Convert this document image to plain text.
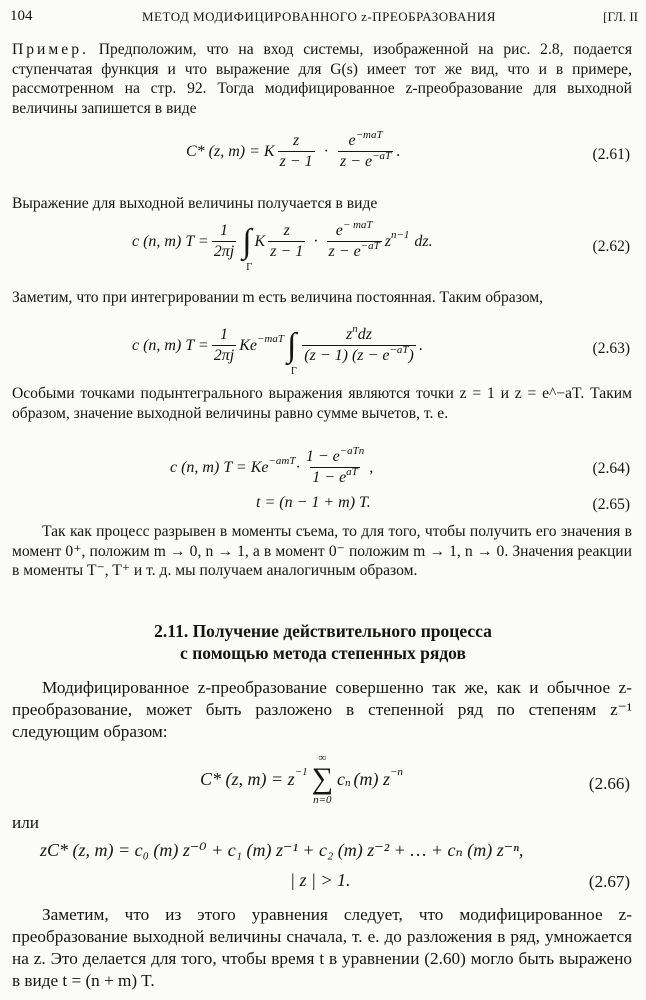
104	МЕТОД МОДИФИЦИРОВАННОГО z-ПРЕОБРАЗОВАНИЯ	[ГЛ. II
Пример. Предположим, что на вход системы, изображенной на рис. 2.8, подается ступенчатая функция и что выражение для G(s) имеет тот же вид, что и в примере, рассмотренном на стр. 92. Тогда модифицированное z-преобразование для выходной величины запишется в виде
C* (z, m) = K $\frac{z}{z - 1} \cdot \frac{e^{-maT}}{z - e^{-aT}}$ .	(2.61)
Выражение для выходной величины получается в виде
c (n, m) $T = \frac{1}{2\pi j}$ ∫
Γ
K $\frac{z}{z - 1} \cdot \frac{e^{- maT}}{z - e^{-aT}}$ z n−1 dz.	(2.62)
Заметим, что при интегрировании m есть величина постоянная. Таким образом,
c (n, m) $T = \frac{1}{2\pi j}$ Ke −maT ∫
Γ
$\frac{z^ndz}{(z - 1) (z - e^{-aT})}$ .	(2.63)
Особыми точками подынтегрального выражения являются точки z = 1 и z = e^−aT. Таким образом, значение выходной величины равно сумме вычетов, т. е.
c (n, m) $T = Ke -amT \cdot \frac{1 - e^{-aTn}}{1 - e^{aT}}$ ,	(2.64)
t = (n − 1 + m) T.	(2.65)
Так как процесс разрывен в моменты съема, то для того, чтобы получить его значения в момент 0⁺, положим m → 0, n → 1, а в момент 0⁻ положим m → 1, n → 0. Значения реакции в моменты T⁻, T⁺ и т. д. мы получаем аналогичным образом.
2.11. Получение действительного процесса
с помощью метода степенных рядов
Модифицированное z-преобразование совершенно так же, как и обычное z-преобразование, может быть разложено в степенной ряд по степеням z⁻¹ следующим образом:
C* (z, m) = z −1
∞
∑
n=0
c n (m) z −n
(2.66)
или
zC* (z, m) = c₀ (m) z⁻⁰ + c₁ (m) z⁻¹ + c₂ (m) z⁻² + … + cₙ (m) z⁻ⁿ,
| z | > 1.	(2.67)
Заметим, что из этого уравнения следует, что модифицированное z-преобразование выходной величины сначала, т. е. до разложения в ряд, умножается на z. Это делается для того, чтобы время t в уравнении (2.60) могло быть выражено в виде t = (n + m) T.
